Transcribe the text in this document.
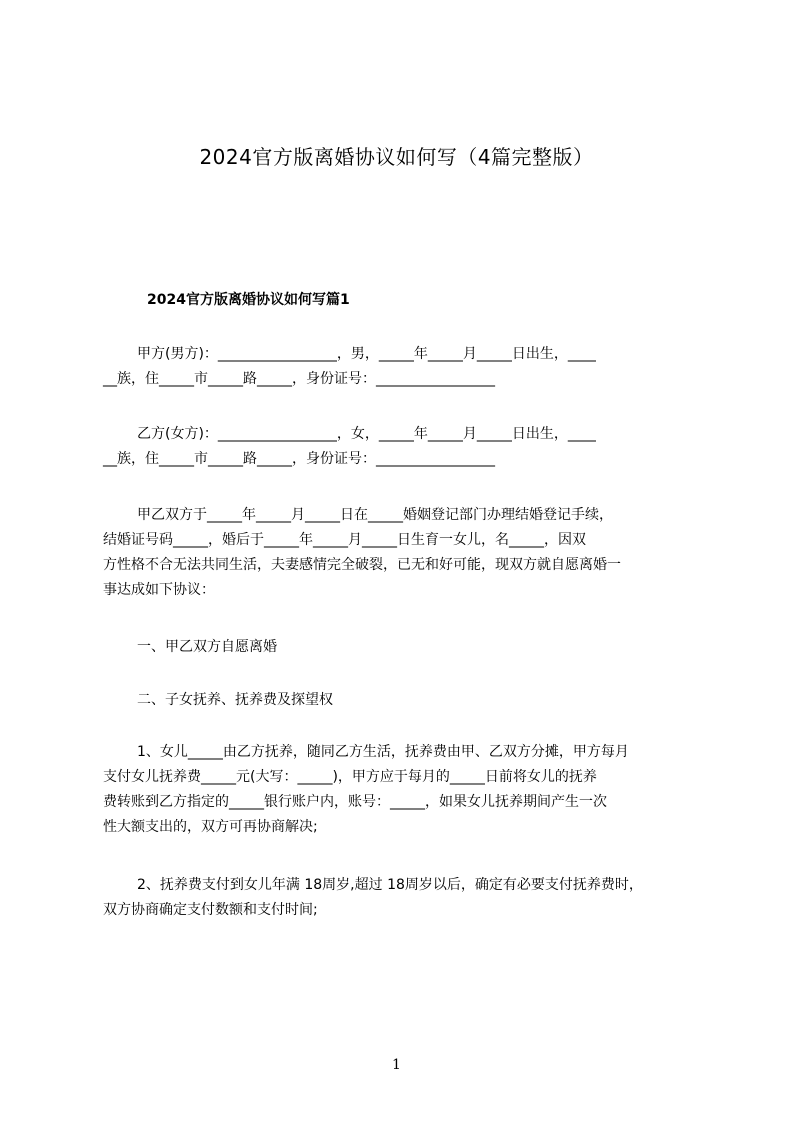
2024官方版离婚协议如何写（4篇完整版）
2024官方版离婚协议如何写篇1
甲方(男方)：_________________，男，_____年_____月_____日出生，____
__族，住_____市_____路_____，身份证号：_________________
乙方(女方)：_________________，女，_____年_____月_____日出生，____
__族，住_____市_____路_____，身份证号：_________________
甲乙双方于_____年_____月_____日在_____婚姻登记部门办理结婚登记手续，
结婚证号码_____，婚后于_____年_____月_____日生育一女儿，名_____，因双
方性格不合无法共同生活，夫妻感情完全破裂，已无和好可能，现双方就自愿离婚一
事达成如下协议：
一、甲乙双方自愿离婚
二、子女抚养、抚养费及探望权
1、女儿_____由乙方抚养，随同乙方生活，抚养费由甲、乙双方分摊，甲方每月
支付女儿抚养费_____元(大写：_____)，甲方应于每月的_____日前将女儿的抚养
费转账到乙方指定的_____银行账户内，账号：_____，如果女儿抚养期间产生一次
性大额支出的，双方可再协商解决;
2、抚养费支付到女儿年满 18周岁,超过 18周岁以后，确定有必要支付抚养费时，
双方协商确定支付数额和支付时间;
1
